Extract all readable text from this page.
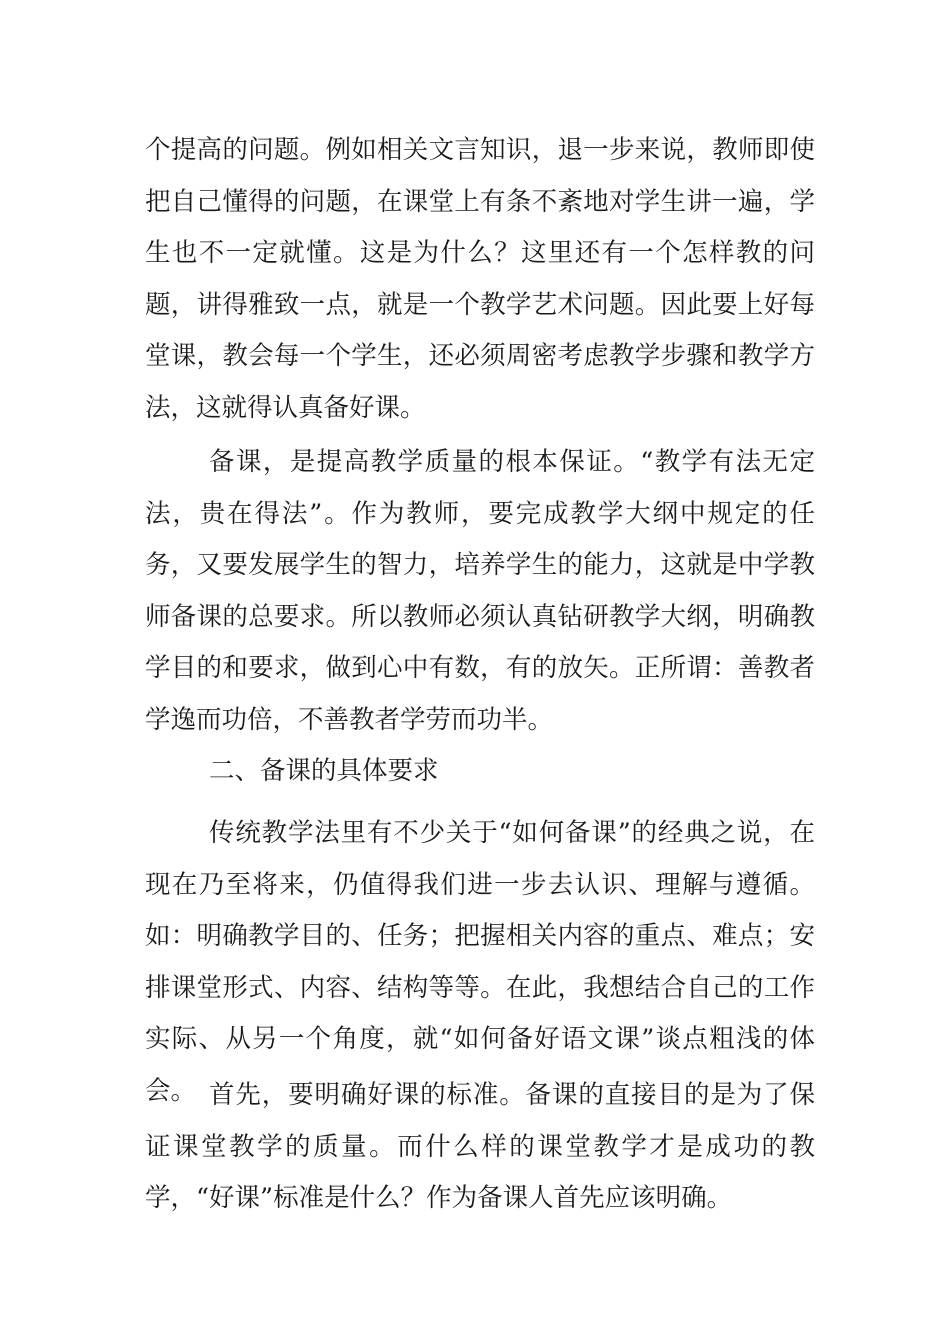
个提高的问题。例如相关文言知识，退一步来说，教师即使把自己懂得的问题，在课堂上有条不紊地对学生讲一遍，学生也不一定就懂。这是为什么？这里还有一个怎样教的问题，讲得雅致一点，就是一个教学艺术问题。因此要上好每堂课，教会每一个学生，还必须周密考虑教学步骤和教学方法，这就得认真备好课。

备课，是提高教学质量的根本保证。“教学有法无定法，贵在得法”。作为教师，要完成教学大纲中规定的任务，又要发展学生的智力，培养学生的能力，这就是中学教师备课的总要求。所以教师必须认真钻研教学大纲，明确教学目的和要求，做到心中有数，有的放矢。正所谓：善教者学逸而功倍，不善教者学劳而功半。

二、备课的具体要求

传统教学法里有不少关于“如何备课”的经典之说，在现在乃至将来，仍值得我们进一步去认识、理解与遵循。如：明确教学目的、任务；把握相关内容的重点、难点；安排课堂形式、内容、结构等等。在此，我想结合自己的工作实际、从另一个角度，就“如何备好语文课”谈点粗浅的体会。 首先，要明确好课的标准。备课的直接目的是为了保证课堂教学的质量。而什么样的课堂教学才是成功的教学，“好课”标准是什么？作为备课人首先应该明确。
